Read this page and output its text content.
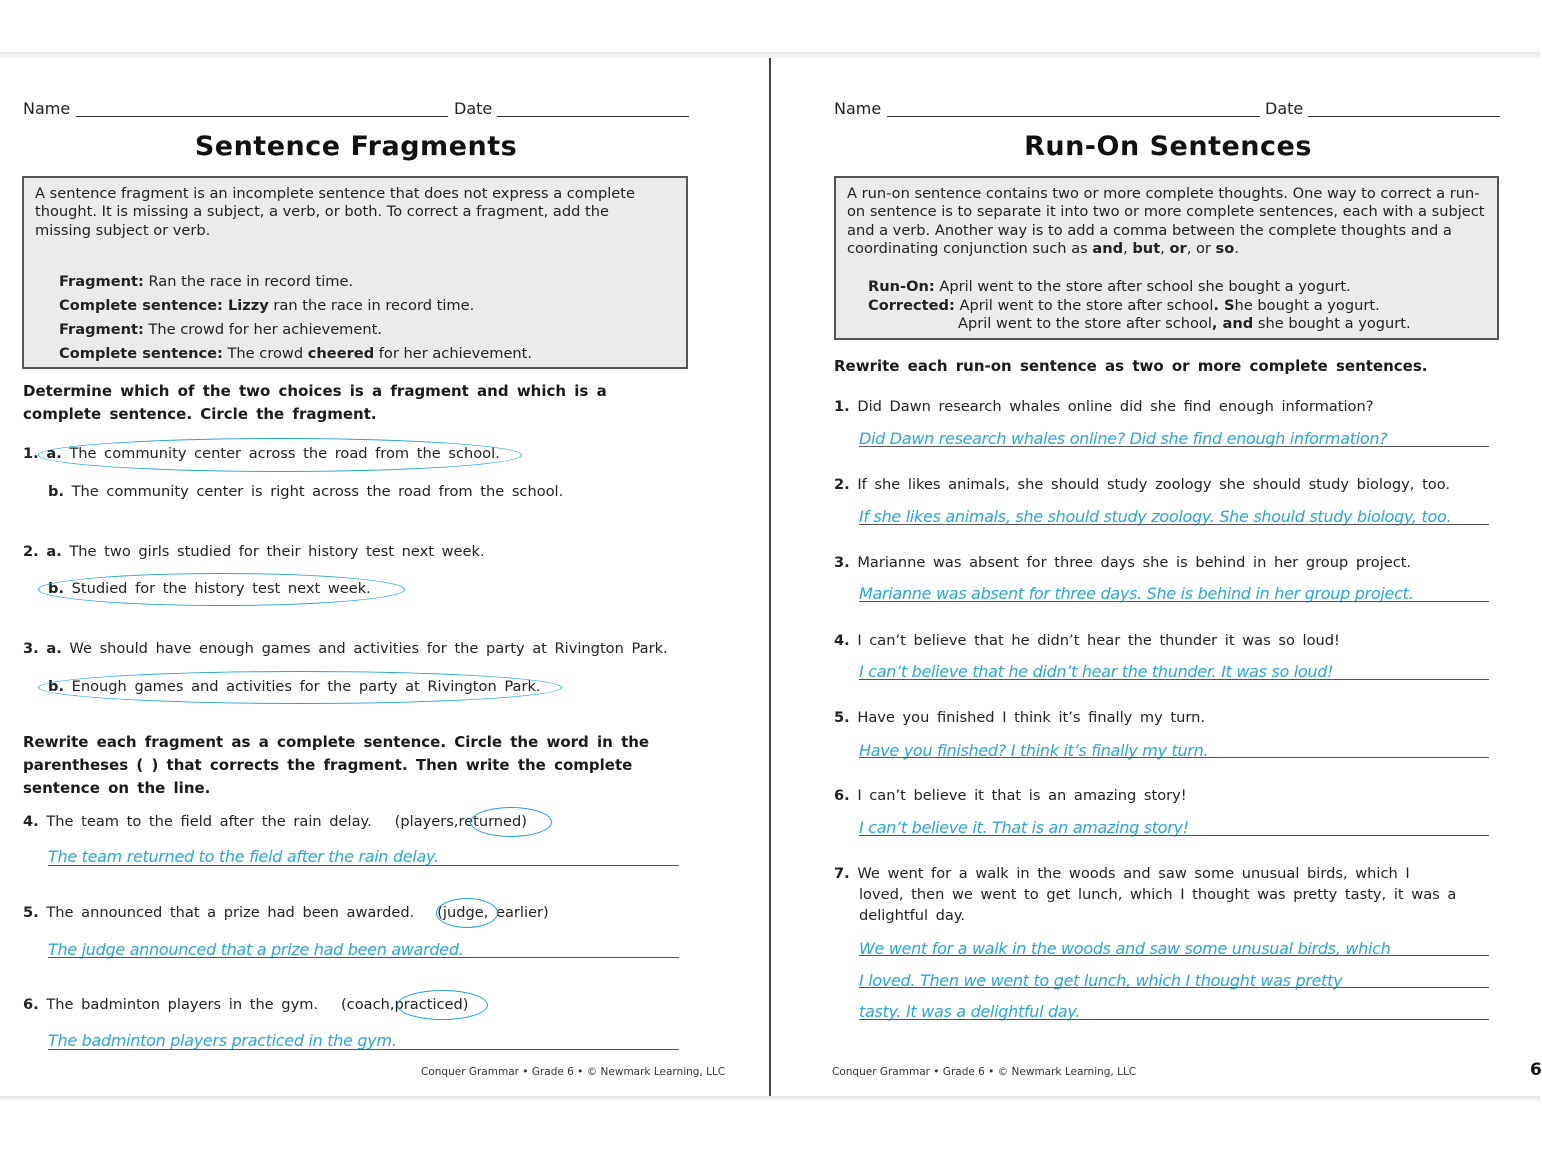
Name	Date
Sentence Fragments
A sentence fragment is an incomplete sentence that does not express a complete thought. It is missing a subject, a verb, or both. To correct a fragment, add the missing subject or verb.
Fragment: Ran the race in record time.
Complete sentence: Lizzy ran the race in record time.
Fragment: The crowd for her achievement.
Complete sentence: The crowd cheered for her achievement.
Determine which of the two choices is a fragment and which is a complete sentence. Circle the fragment.
1. a. The community center across the road from the school.
b. The community center is right across the road from the school.
2. a. The two girls studied for their history test next week.
b. Studied for the history test next week.
3. a. We should have enough games and activities for the party at Rivington Park.
b. Enough games and activities for the party at Rivington Park.
Rewrite each fragment as a complete sentence. Circle the word in the parentheses ( ) that corrects the fragment. Then write the complete sentence on the line.
4. The team to the field after the rain delay. (players,returned)
The team returned to the field after the rain delay.
5. The announced that a prize had been awarded. (judge, earlier)
The judge announced that a prize had been awarded.
6. The badminton players in the gym. (coach,practiced)
The badminton players practiced in the gym.
Conquer Grammar • Grade 6 • © Newmark Learning, LLC
Name	Date
Run-On Sentences
A run-on sentence contains two or more complete thoughts. One way to correct a run-on sentence is to separate it into two or more complete sentences, each with a subject and a verb. Another way is to add a comma between the complete thoughts and a coordinating conjunction such as and, but, or, or so.
Run-On: April went to the store after school she bought a yogurt.
Corrected: April went to the store after school. She bought a yogurt.
April went to the store after school, and she bought a yogurt.
Rewrite each run-on sentence as two or more complete sentences.
1. Did Dawn research whales online did she find enough information?
Did Dawn research whales online? Did she find enough information?
2. If she likes animals, she should study zoology she should study biology, too.
If she likes animals, she should study zoology. She should study biology, too.
3. Marianne was absent for three days she is behind in her group project.
Marianne was absent for three days. She is behind in her group project.
4. I can’t believe that he didn’t hear the thunder it was so loud!
I can’t believe that he didn’t hear the thunder. It was so loud!
5. Have you finished I think it’s finally my turn.
Have you finished? I think it’s finally my turn.
6. I can’t believe it that is an amazing story!
I can’t believe it. That is an amazing story!
7. We went for a walk in the woods and saw some unusual birds, which I
loved, then we went to get lunch, which I thought was pretty tasty, it was a
delightful day.
We went for a walk in the woods and saw some unusual birds, which
I loved. Then we went to get lunch, which I thought was pretty
tasty. It was a delightful day.
Conquer Grammar • Grade 6 • © Newmark Learning, LLC	6
